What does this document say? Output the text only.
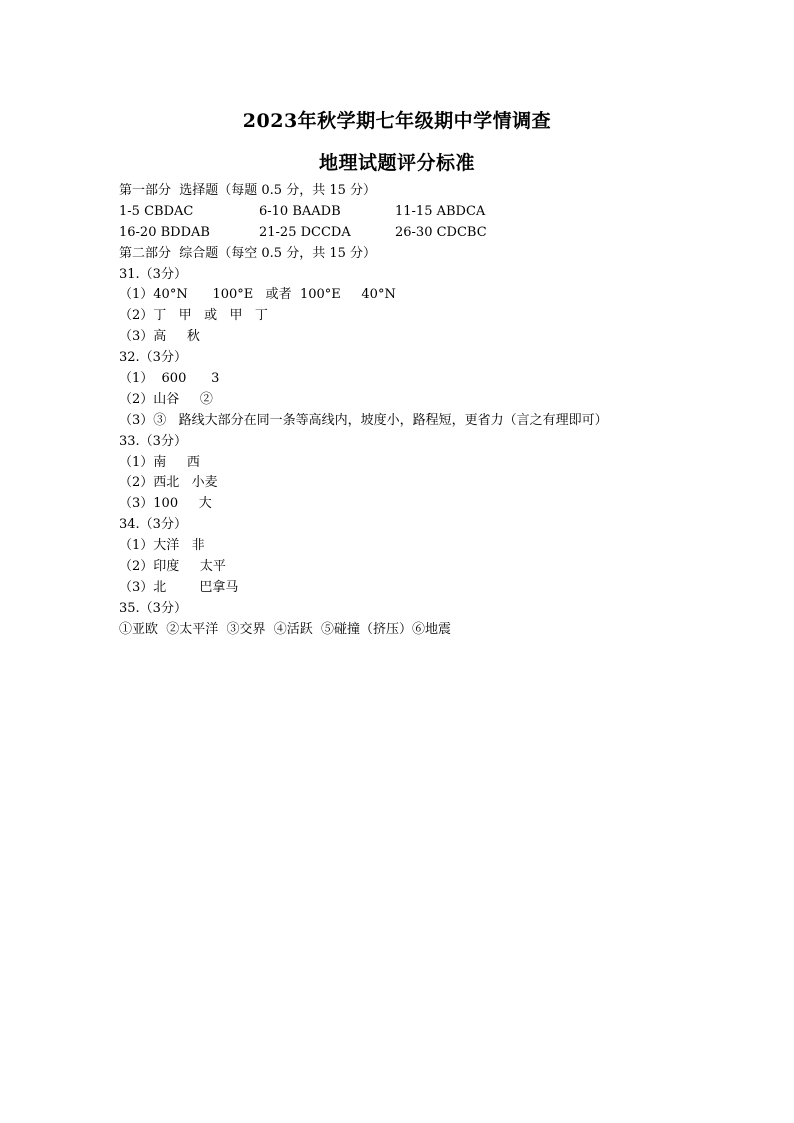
2023年秋学期七年级期中学情调查
地理试题评分标准
第一部分  选择题（每题 0.5 分，共 15 分）
1-5 CBDAC	6-10 BAADB	11-15 ABDCA
16-20 BDDAB	21-25 DCCDA	26-30 CDCBC
第二部分  综合题（每空 0.5 分，共 15 分）
31.（3分）
（1）40°N      100°E   或者  100°E     40°N
（2）丁   甲   或   甲   丁
（3）高     秋
32.（3分）
（1）  600      3
（2）山谷     ②
（3）③   路线大部分在同一条等高线内，坡度小，路程短，更省力（言之有理即可）
33.（3分）
（1）南     西
（2）西北   小麦
（3）100     大
34.（3分）
（1）大洋   非
（2）印度     太平
（3）北        巴拿马
35.（3分）
①亚欧  ②太平洋  ③交界  ④活跃  ⑤碰撞（挤压）⑥地震
